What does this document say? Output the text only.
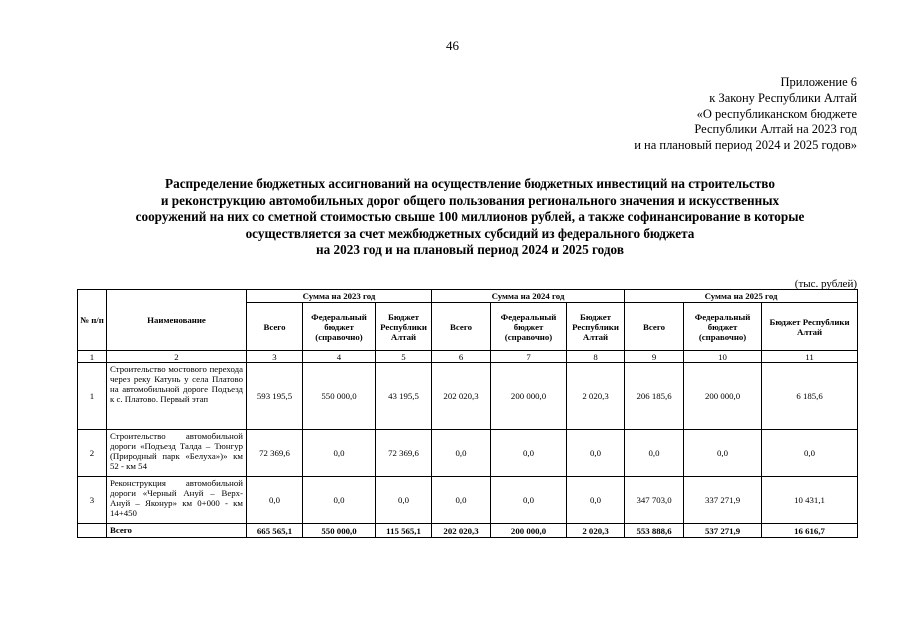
46
Приложение 6
к Закону Республики Алтай
«О республиканском бюджете
Республики Алтай на 2023 год
и на плановый период 2024 и 2025 годов»
Распределение бюджетных ассигнований на осуществление бюджетных инвестиций на строительство
и реконструкцию автомобильных дорог общего пользования регионального значения и искусственных
сооружений на них со сметной стоимостью свыше 100 миллионов рублей, а также софинансирование в которые
осуществляется за счет межбюджетных субсидий из федерального бюджета
на 2023 год и на плановый период 2024 и 2025 годов
(тыс. рублей)
№ п/п	Наименование	Сумма на 2023 год			Сумма на 2024 год			Сумма на 2025 год		
		Всего	Федеральный бюджет (справочно)	Бюджет Республики Алтай	Всего	Федеральный бюджет (справочно)	Бюджет Республики Алтай	Всего	Федеральный бюджет (справочно)	Бюджет Республики Алтай
1	2	3	4	5	6	7	8	9	10	11
1	Строительство мостового перехода через реку Катунь у села Платово на автомобильной дороге Подъезд к с. Платово. Первый этап	593 195,5	550 000,0	43 195,5	202 020,3	200 000,0	2 020,3	206 185,6	200 000,0	6 185,6
2	Строительство автомобильной дороги «Подъезд Талда – Тюнгур (Природный парк «Белуха»)» км 52 - км 54	72 369,6	0,0	72 369,6	0,0	0,0	0,0	0,0	0,0	0,0
3	Реконструкция автомобильной дороги «Черный Ануй – Верх-Ануй – Яконур» км 0+000 - км 14+450	0,0	0,0	0,0	0,0	0,0	0,0	347 703,0	337 271,9	10 431,1
	Всего	665 565,1	550 000,0	115 565,1	202 020,3	200 000,0	2 020,3	553 888,6	537 271,9	16 616,7
